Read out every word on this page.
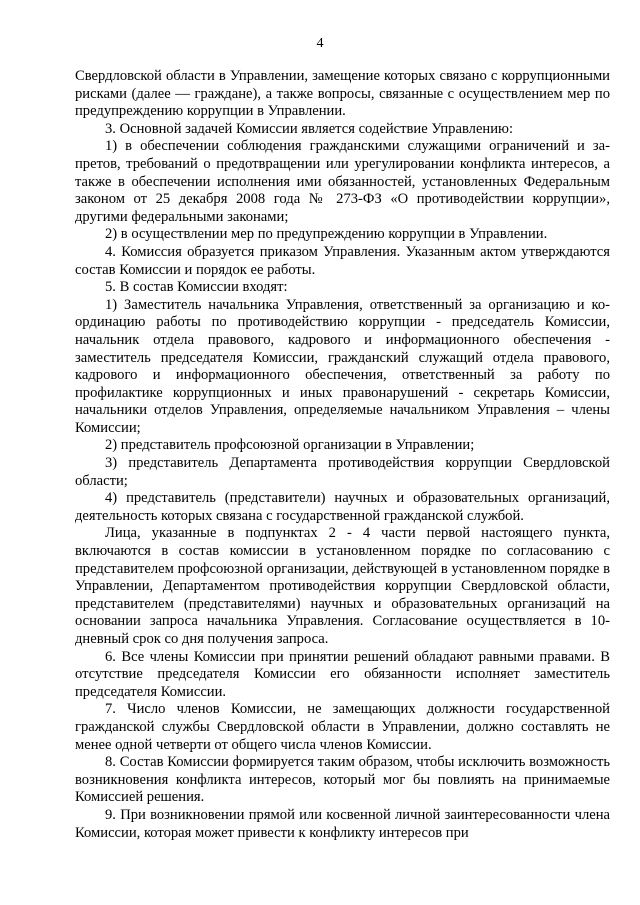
4

Свердловской области в Управлении, замещение которых связано с коррупционными рисками (далее — граждане), а также вопросы, связанные с осуществлением мер по предупреждению коррупции в Управлении.

3. Основной задачей Комиссии является содействие Управлению:

1) в обеспечении соблюдения гражданскими служащими ограничений и запретов, требований о предотвращении или урегулировании конфликта интересов, а также в обеспечении исполнения ими обязанностей, установленных Федеральным законом от 25 декабря 2008 года № 273-ФЗ «О противодействии коррупции», другими федеральными законами;

2) в осуществлении мер по предупреждению коррупции в Управлении.

4. Комиссия образуется приказом Управления. Указанным актом утверждаются состав Комиссии и порядок ее работы.

5. В состав Комиссии входят:

1) Заместитель начальника Управления, ответственный за организацию и координацию работы по противодействию коррупции - председатель Комиссии, начальник отдела правового, кадрового и информационного обеспечения - заместитель председателя Комиссии, гражданский служащий отдела правового, кадрового и информационного обеспечения, ответственный за работу по профилактике коррупционных и иных правонарушений - секретарь Комиссии, начальники отделов Управления, определяемые начальником Управления – члены Комиссии;

2) представитель профсоюзной организации в Управлении;

3) представитель Департамента противодействия коррупции Свердловской области;

4) представитель (представители) научных и образовательных организаций, деятельность которых связана с государственной гражданской службой.

Лица, указанные в подпунктах 2 - 4 части первой настоящего пункта, включаются в состав комиссии в установленном порядке по согласованию с представителем профсоюзной организации, действующей в установленном порядке в Управлении, Департаментом противодействия коррупции Свердловской области, представителем (представителями) научных и образовательных организаций на основании запроса начальника Управления. Согласование осуществляется в 10-дневный срок со дня получения запроса.

6. Все члены Комиссии при принятии решений обладают равными правами. В отсутствие председателя Комиссии его обязанности исполняет заместитель председателя Комиссии.

7. Число членов Комиссии, не замещающих должности государственной гражданской службы Свердловской области в Управлении, должно составлять не менее одной четверти от общего числа членов Комиссии.

8. Состав Комиссии формируется таким образом, чтобы исключить возможность возникновения конфликта интересов, который мог бы повлиять на принимаемые Комиссией решения.

9. При возникновении прямой или косвенной личной заинтересованности члена Комиссии, которая может привести к конфликту интересов при
